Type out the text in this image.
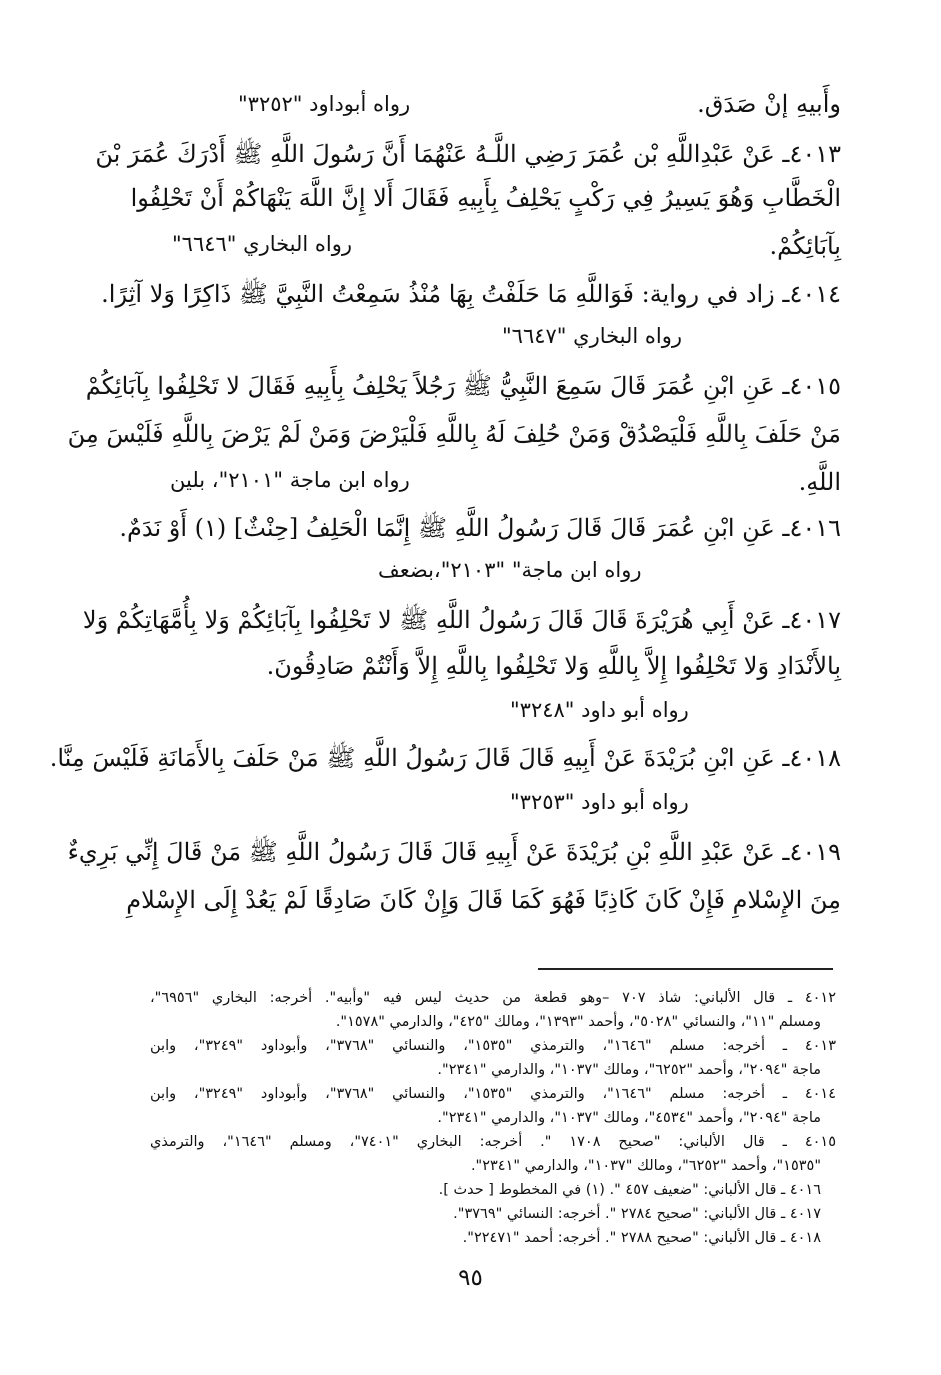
وأَبيهِ إنْ صَدَق.
٤٠١٣ـ عَنْ عَبْدِاللَّهِ بْن عُمَرَ رَضِي اللَّـهُ عَنْهُمَا أَنَّ رَسُولَ اللَّهِ ﷺ أَدْرَكَ عُمَرَ بْنَ
الْخَطَّابِ وَهُوَ يَسِيرُ فِي رَكْبٍ يَحْلِفُ بِأَبِيهِ فَقَالَ أَلا إِنَّ اللَّهَ يَنْهَاكُمْ أَنْ تَحْلِفُوا
بِآبَائِكُمْ.
٤٠١٤ـ زاد في رواية: فَوَاللَّهِ مَا حَلَفْتُ بِهَا مُنْذُ سَمِعْتُ النَّبِيَّ ﷺ ذَاكِرًا وَلا آثِرًا.
٤٠١٥ـ عَنِ ابْنِ عُمَرَ قَالَ سَمِعَ النَّبِيُّ ﷺ رَجُلاً يَحْلِفُ بِأَبِيهِ فَقَالَ لا تَحْلِفُوا بِآبَائِكُمْ
مَنْ حَلَفَ بِاللَّهِ فَلْيَصْدُقْ وَمَنْ حُلِفَ لَهُ بِاللَّهِ فَلْيَرْضَ وَمَنْ لَمْ يَرْضَ بِاللَّهِ فَلَيْسَ مِنَ
اللَّهِ.
٤٠١٦ـ عَنِ ابْنِ عُمَرَ قَالَ قَالَ رَسُولُ اللَّهِ ﷺ إِنَّمَا الْحَلِفُ [حِنْثٌ] (١) أَوْ نَدَمٌ.
٤٠١٧ـ عَنْ أَبِي هُرَيْرَةَ قَالَ قَالَ رَسُولُ اللَّهِ ﷺ لا تَحْلِفُوا بِآبَائِكُمْ وَلا بِأُمَّهَاتِكُمْ وَلا
بِالأَنْدَادِ وَلا تَحْلِفُوا إِلاَّ بِاللَّهِ وَلا تَحْلِفُوا بِاللَّهِ إِلاَّ وَأَنْتُمْ صَادِقُونَ.
٤٠١٨ـ عَنِ ابْنِ بُرَيْدَةَ عَنْ أَبِيهِ قَالَ قَالَ رَسُولُ اللَّهِ ﷺ مَنْ حَلَفَ بِالأَمَانَةِ فَلَيْسَ مِنَّا.
٤٠١٩ـ عَنْ عَبْدِ اللَّهِ بْنِ بُرَيْدَةَ عَنْ أَبِيهِ قَالَ قَالَ رَسُولُ اللَّهِ ﷺ مَنْ قَالَ إِنِّي بَرِيءٌ
مِنَ الإِسْلامِ فَإِنْ كَانَ كَاذِبًا فَهُوَ كَمَا قَالَ وَإِنْ كَانَ صَادِقًا لَمْ يَعُدْ إِلَى الإِسْلامِ
رواه أبوداود "٣٢٥٢"
رواه البخاري "٦٦٤٦"
رواه البخاري "٦٦٤٧"
رواه ابن ماجة "٢١٠١"، بلين
رواه ابن ماجة" "٢١٠٣"،بضعف
رواه أبو داود "٣٢٤٨"
رواه أبو داود "٣٢٥٣"
٤٠١٢ ـ قال الألباني: شاذ ٧٠٧ –وهو قطعة من حديث ليس فيه "وأبيه". أخرجه: البخاري "٦٩٥٦"،
ومسلم "١١"، والنسائي "٥٠٢٨"، وأحمد "١٣٩٣"، ومالك "٤٢٥"، والدارمي "١٥٧٨".
٤٠١٣ ـ أخرجه: مسلم "١٦٤٦"، والترمذي "١٥٣٥"، والنسائي "٣٧٦٨"، وأبوداود "٣٢٤٩"، وابن
ماجة "٢٠٩٤"، وأحمد "٦٢٥٢"، ومالك "١٠٣٧"، والدارمي "٢٣٤١".
٤٠١٤ ـ أخرجه: مسلم "١٦٤٦"، والترمذي "١٥٣٥"، والنسائي "٣٧٦٨"، وأبوداود "٣٢٤٩"، وابن
ماجة "٢٠٩٤"، وأحمد "٤٥٣٤"، ومالك "١٠٣٧"، والدارمي "٢٣٤١".
٤٠١٥ ـ قال الألباني: "صحيح ١٧٠٨ ". أخرجه: البخاري "٧٤٠١"، ومسلم "١٦٤٦"، والترمذي
"١٥٣٥"، وأحمد "٦٢٥٢"، ومالك "١٠٣٧"، والدارمي "٢٣٤١".
٤٠١٦ ـ قال الألباني: "ضعيف ٤٥٧ ". (١) في المخطوط [ حدث ].
٤٠١٧ ـ قال الألباني: "صحيح ٢٧٨٤ ". أخرجه: النسائي "٣٧٦٩".
٤٠١٨ ـ قال الألباني: "صحيح ٢٧٨٨ ". أخرجه: أحمد "٢٢٤٧١".
٩٥
